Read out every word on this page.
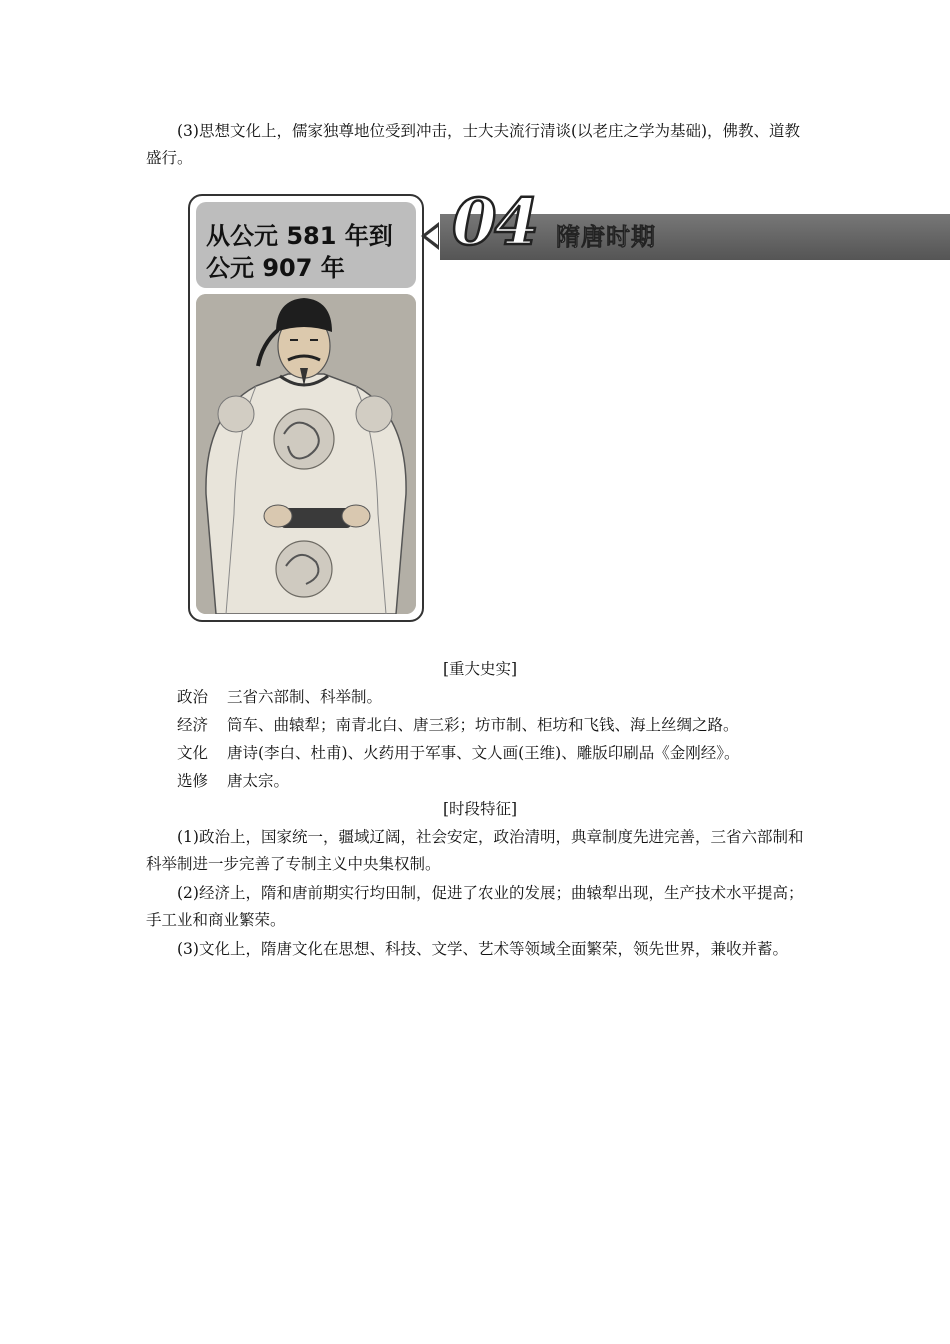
(3)思想文化上，儒家独尊地位受到冲击，士大夫流行清谈(以老庄之学为基础)，佛教、道教盛行。

从公元 581 年到
公元 907 年
04 隋唐时期
[重大史实]
政治 三省六部制、科举制。
经济 筒车、曲辕犁；南青北白、唐三彩；坊市制、柜坊和飞钱、海上丝绸之路。
文化 唐诗(李白、杜甫)、火药用于军事、文人画(王维)、雕版印刷品《金刚经》。
选修 唐太宗。
[时段特征]

(1)政治上，国家统一，疆域辽阔，社会安定，政治清明，典章制度先进完善，三省六部制和科举制进一步完善了专制主义中央集权制。

(2)经济上，隋和唐前期实行均田制，促进了农业的发展；曲辕犁出现，生产技术水平提高；手工业和商业繁荣。

(3)文化上，隋唐文化在思想、科技、文学、艺术等领域全面繁荣，领先世界，兼收并蓄。
